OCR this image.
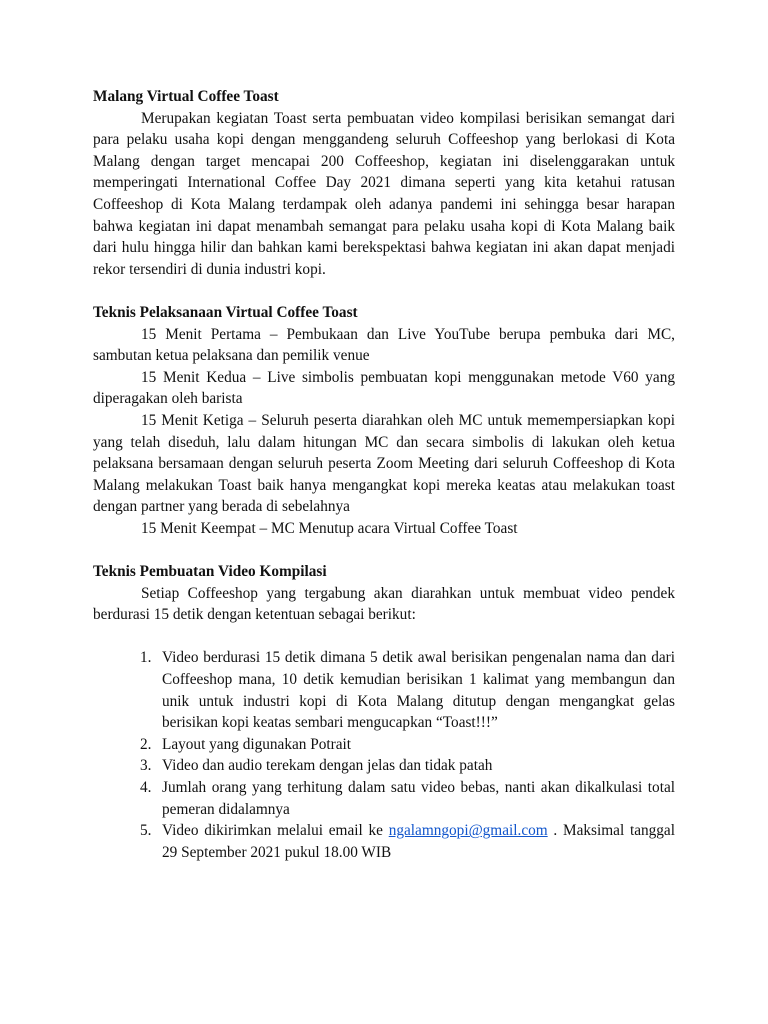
Malang Virtual Coffee Toast

Merupakan kegiatan Toast serta pembuatan video kompilasi berisikan semangat dari para pelaku usaha kopi dengan menggandeng seluruh Coffeeshop yang berlokasi di Kota Malang dengan target mencapai 200 Coffeeshop, kegiatan ini diselenggarakan untuk memperingati International Coffee Day 2021 dimana seperti yang kita ketahui ratusan Coffeeshop di Kota Malang terdampak oleh adanya pandemi ini sehingga besar harapan bahwa kegiatan ini dapat menambah semangat para pelaku usaha kopi di Kota Malang baik dari hulu hingga hilir dan bahkan kami berekspektasi bahwa kegiatan ini akan dapat menjadi rekor tersendiri di dunia industri kopi.

Teknis Pelaksanaan Virtual Coffee Toast

15 Menit Pertama – Pembukaan dan Live YouTube berupa pembuka dari MC, sambutan ketua pelaksana dan pemilik venue

15 Menit Kedua – Live simbolis pembuatan kopi menggunakan metode V60 yang diperagakan oleh barista

15 Menit Ketiga – Seluruh peserta diarahkan oleh MC untuk memempersiapkan kopi yang telah diseduh, lalu dalam hitungan MC dan secara simbolis di lakukan oleh ketua pelaksana bersamaan dengan seluruh peserta Zoom Meeting dari seluruh Coffeeshop di Kota Malang melakukan Toast baik hanya mengangkat kopi mereka keatas atau melakukan toast dengan partner yang berada di sebelahnya

15 Menit Keempat – MC Menutup acara Virtual Coffee Toast

Teknis Pembuatan Video Kompilasi

Setiap Coffeeshop yang tergabung akan diarahkan untuk membuat video pendek berdurasi 15 detik dengan ketentuan sebagai berikut:

1. Video berdurasi 15 detik dimana 5 detik awal berisikan pengenalan nama dan dari Coffeeshop mana, 10 detik kemudian berisikan 1 kalimat yang membangun dan unik untuk industri kopi di Kota Malang ditutup dengan mengangkat gelas berisikan kopi keatas sembari mengucapkan “Toast!!!”
2. Layout yang digunakan Potrait
3. Video dan audio terekam dengan jelas dan tidak patah
4. Jumlah orang yang terhitung dalam satu video bebas, nanti akan dikalkulasi total pemeran didalamnya
5. Video dikirimkan melalui email ke ngalamngopi@gmail.com . Maksimal tanggal 29 September 2021 pukul 18.00 WIB
